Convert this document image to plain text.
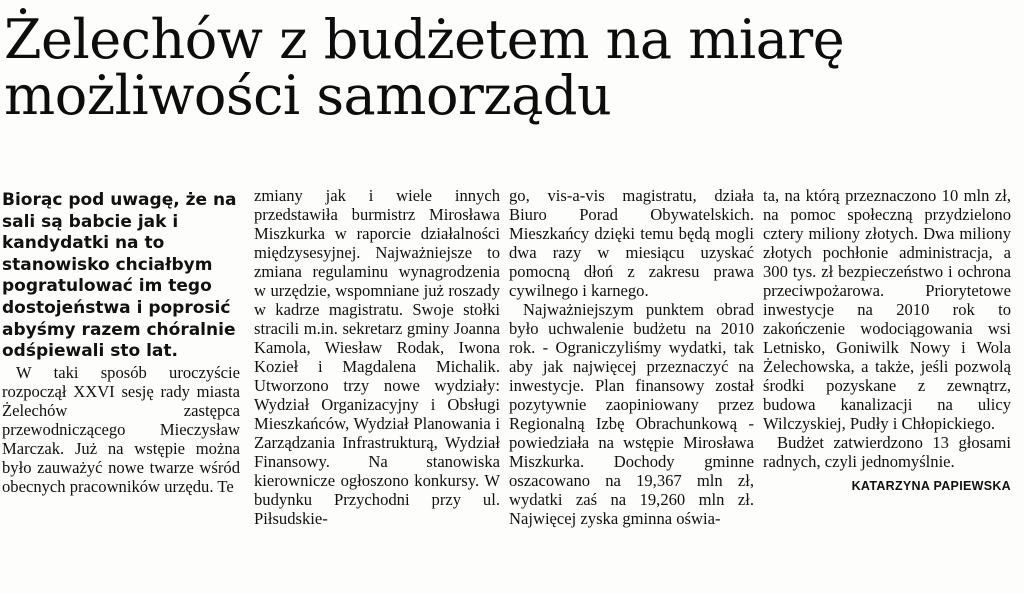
Żelechów z budżetem na miarę możliwości samorządu

Biorąc pod uwagę, że na sali są babcie jak i kandydatki na to stanowisko chciałbym pogratulować im tego dostojeństwa i poprosić abyśmy razem chóralnie odśpiewali sto lat.

W taki sposób uroczyście rozpoczął XXVI sesję rady miasta Żelechów zastępca przewodniczącego Mieczysław Marczak. Już na wstępie można było zauważyć nowe twarze wśród obecnych pracowników urzędu. Te

zmiany jak i wiele innych przedstawiła burmistrz Mirosława Miszkurka w raporcie działalności międzysesyjnej. Najważniejsze to zmiana regulaminu wynagrodzenia w urzędzie, wspomniane już roszady w kadrze magistratu. Swoje stołki stracili m.in. sekretarz gminy Joanna Kamola, Wiesław Rodak, Iwona Kozieł i Magdalena Michalik. Utworzono trzy nowe wydziały: Wydział Organizacyjny i Obsługi Mieszkańców, Wydział Planowania i Zarządzania Infrastrukturą, Wydział Finansowy. Na stanowiska kierownicze ogłoszono konkursy. W budynku Przychodni przy ul. Piłsudskie-

go, vis-a-vis magistratu, działa Biuro Porad Obywatelskich. Mieszkańcy dzięki temu będą mogli dwa razy w miesiącu uzyskać pomocną dłoń z zakresu prawa cywilnego i karnego.

Najważniejszym punktem obrad było uchwalenie budżetu na 2010 rok. - Ograniczyliśmy wydatki, tak aby jak najwięcej przeznaczyć na inwestycje. Plan finansowy został pozytywnie zaopiniowany przez Regionalną Izbę Obrachunkową - powiedziała na wstępie Mirosława Miszkurka. Dochody gminne oszacowano na 19,367 mln zł, wydatki zaś na 19,260 mln zł. Najwięcej zyska gminna oświa-

ta, na którą przeznaczono 10 mln zł, na pomoc społeczną przydzielono cztery miliony złotych. Dwa miliony złotych pochłonie administracja, a 300 tys. zł bezpieczeństwo i ochrona przeciwpożarowa. Priorytetowe inwestycje na 2010 rok to zakończenie wodociągowania wsi Letnisko, Goniwilk Nowy i Wola Żelechowska, a także, jeśli pozwolą środki pozyskane z zewnątrz, budowa kanalizacji na ulicy Wilczyskiej, Pudły i Chłopickiego.

Budżet zatwierdzono 13 głosami radnych, czyli jednomyślnie.

KATARZYNA PAPIEWSKA
